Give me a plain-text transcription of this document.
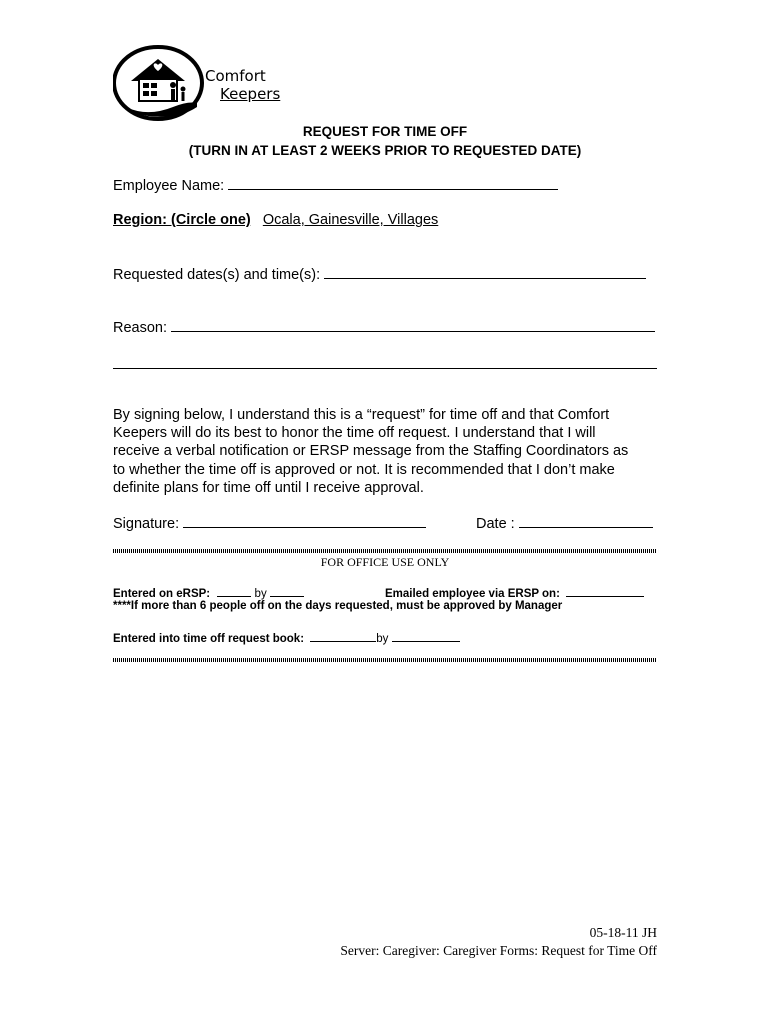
Comfort
Keepers
REQUEST FOR TIME OFF
(TURN IN AT LEAST 2 WEEKS PRIOR TO REQUESTED DATE)
Employee Name:
Region: (Circle one) Ocala, Gainesville, Villages
Requested dates(s) and time(s):
Reason:
By signing below, I understand this is a “request” for time off and that Comfort
Keepers will do its best to honor the time off request. I understand that I will
receive a verbal notification or ERSP message from the Staffing Coordinators as
to whether the time off is approved or not. It is recommended that I don’t make
definite plans for time off until I receive approval.
Signature:	Date :
FOR OFFICE USE ONLY
Entered on eRSP:	by	Emailed employee via ERSP on:
****If more than 6 people off on the days requested, must be approved by Manager
Entered into time off request book:	by
05-18-11 JH
Server: Caregiver: Caregiver Forms: Request for Time Off
